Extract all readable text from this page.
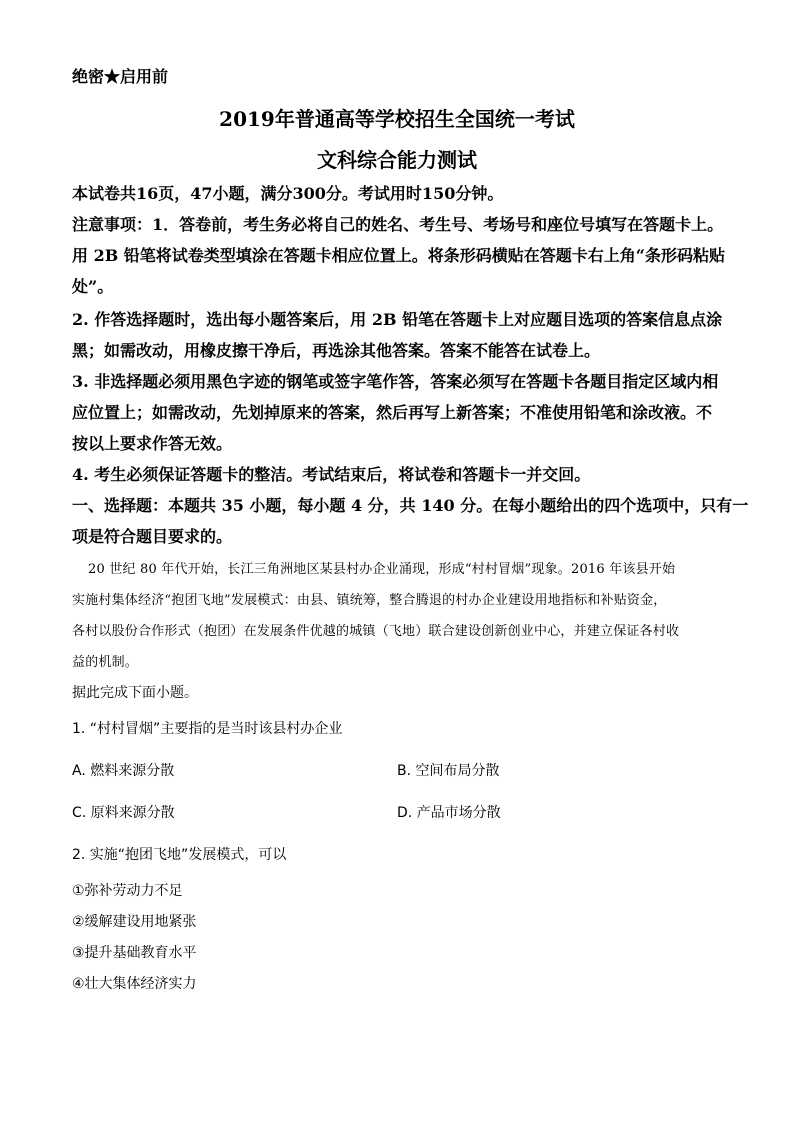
绝密★启用前
2019年普通高等学校招生全国统一考试
文科综合能力测试
本试卷共16页，47小题，满分300分。考试用时150分钟。
注意事项：1．答卷前，考生务必将自己的姓名、考生号、考场号和座位号填写在答题卡上。
用 2B 铅笔将试卷类型填涂在答题卡相应位置上。将条形码横贴在答题卡右上角“条形码粘贴
处”。
2. 作答选择题时，选出每小题答案后，用 2B 铅笔在答题卡上对应题目选项的答案信息点涂
黑；如需改动，用橡皮擦干净后，再选涂其他答案。答案不能答在试卷上。
3. 非选择题必须用黑色字迹的钢笔或签字笔作答，答案必须写在答题卡各题目指定区域内相
应位置上；如需改动，先划掉原来的答案，然后再写上新答案；不准使用铅笔和涂改液。不
按以上要求作答无效。
4. 考生必须保证答题卡的整洁。考试结束后，将试卷和答题卡一并交回。
一、选择题：本题共 35 小题，每小题 4 分，共 140 分。在每小题给出的四个选项中，只有一
项是符合题目要求的。
20 世纪 80 年代开始，长江三角洲地区某县村办企业涌现，形成“村村冒烟”现象。2016 年该县开始
实施村集体经济“抱团飞地”发展模式：由县、镇统筹，整合腾退的村办企业建设用地指标和补贴资金，
各村以股份合作形式（抱团）在发展条件优越的城镇（飞地）联合建设创新创业中心，并建立保证各村收
益的机制。
据此完成下面小题。
1. “村村冒烟”主要指的是当时该县村办企业
A. 燃料来源分散	B. 空间布局分散
C. 原料来源分散	D. 产品市场分散
2. 实施“抱团飞地”发展模式，可以
①弥补劳动力不足
②缓解建设用地紧张
③提升基础教育水平
④壮大集体经济实力
